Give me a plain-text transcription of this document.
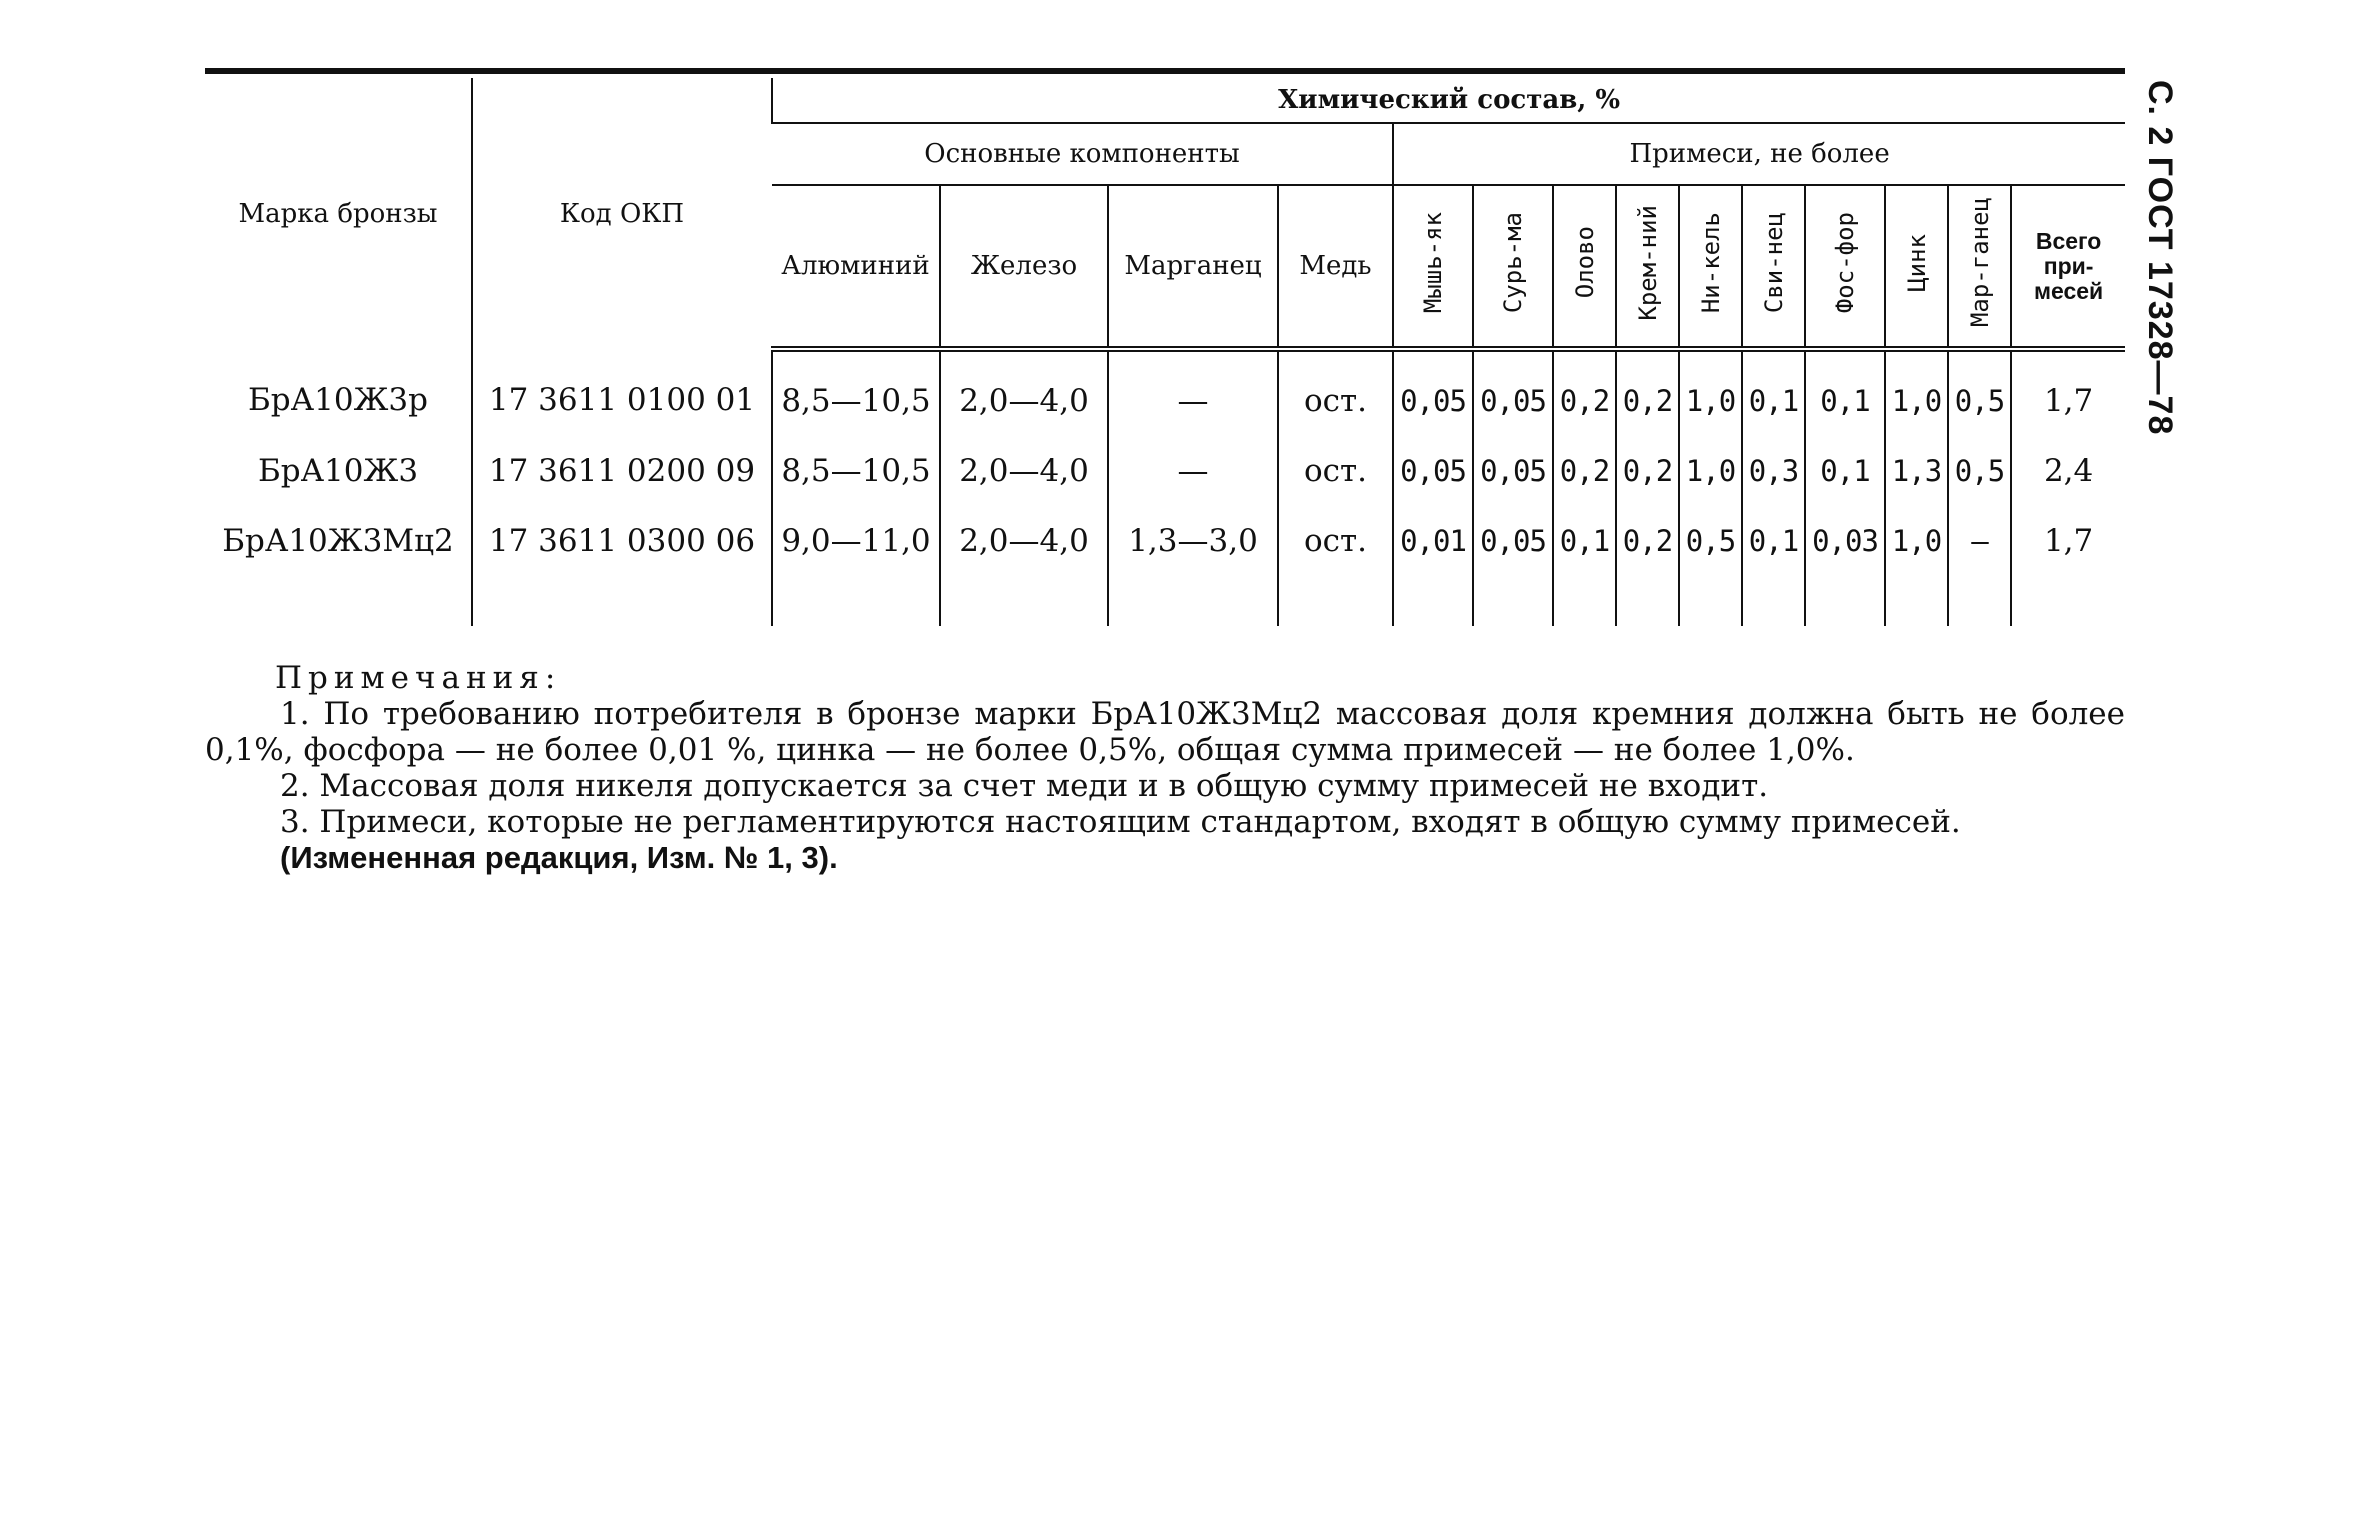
С. 2 ГОСТ 17328—78
Марка бронзы	Код ОКП	Химический состав, %													
		Основные компоненты				Примеси, не более									
		Алюминий	Железо	Марганец	Медь	Мышь-як	Сурь-ма	Олово	Крем-ний	Ни-кель	Сви-нец	Фос-фор	Цинк	Мар-ганец	Всего при-месей
БрА10Ж3р	17 3611 0100 01	8,5—10,5	2,0—4,0	—	ост.	0,05	0,05	0,2	0,2	1,0	0,1	0,1	1,0	0,5	1,7
БрА10Ж3	17 3611 0200 09	8,5—10,5	2,0—4,0	—	ост.	0,05	0,05	0,2	0,2	1,0	0,3	0,1	1,3	0,5	2,4
БрА10Ж3Мц2	17 3611 0300 06	9,0—11,0	2,0—4,0	1,3—3,0	ост.	0,01	0,05	0,1	0,2	0,5	0,1	0,03	1,0	—	1,7

Примечания:

1. По требованию потребителя в бронзе марки БрА10Ж3Мц2 массовая доля кремния должна быть не более 0,1%, фосфора — не более 0,01 %, цинка — не более 0,5%, общая сумма примесей — не более 1,0%.

2. Массовая доля никеля допускается за счет меди и в общую сумму примесей не входит.

3. Примеси, которые не регламентируются настоящим стандартом, входят в общую сумму примесей.

(Измененная редакция, Изм. № 1, 3).
